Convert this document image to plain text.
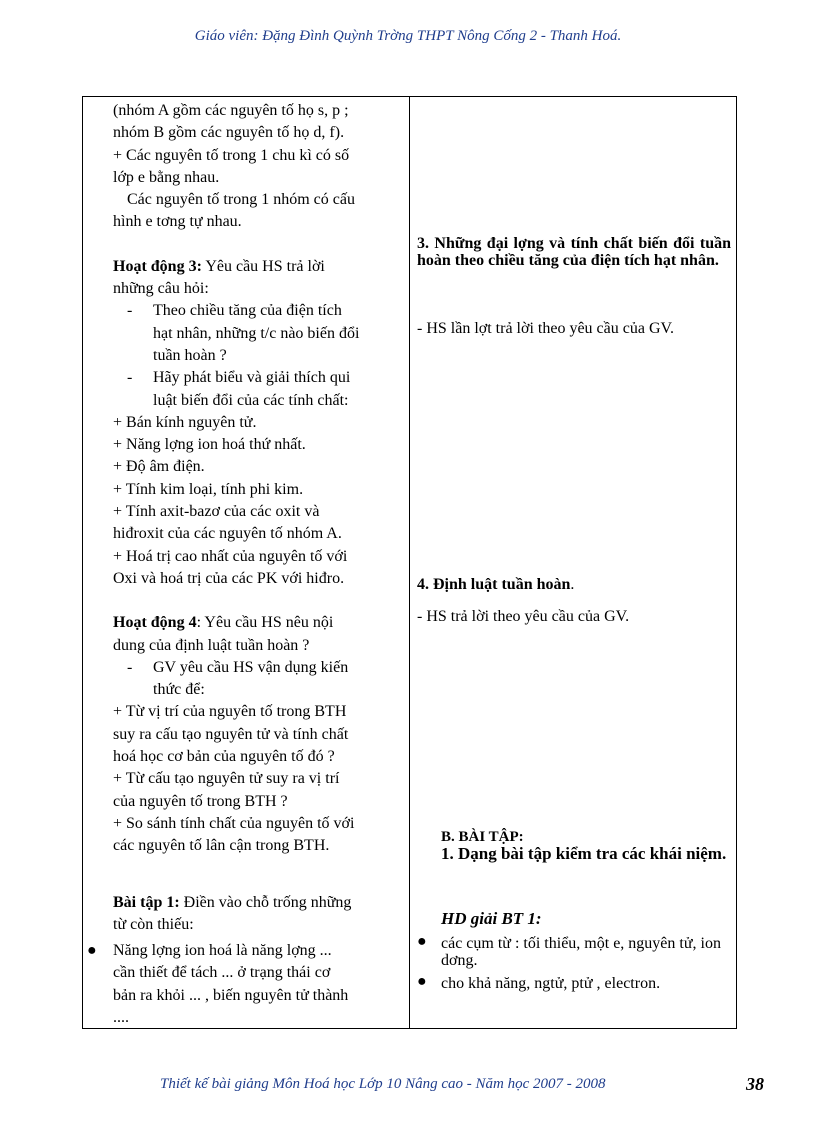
Giáo viên: Đặng Đình Quỳnh Trờng THPT Nông Cống 2 - Thanh Hoá.

(nhóm A gồm các nguyên tố họ s, p ;

nhóm B gồm các nguyên tố họ d, f).

+ Các nguyên tố trong 1 chu kì có số

lớp e bằng nhau.

Các nguyên tố trong 1 nhóm có cấu

hình e tơng tự nhau.

Hoạt động 3: Yêu cầu HS trả lời

những câu hỏi:

- Theo chiều tăng của điện tích

hạt nhân, những t/c nào biến đổi

tuần hoàn ?

- Hãy phát biểu và giải thích qui

luật biến đổi của các tính chất:

+ Bán kính nguyên tử.

+ Năng lợng ion hoá thứ nhất.

+ Độ âm điện.

+ Tính kim loại, tính phi kim.

+ Tính axit-bazơ của các oxit và

hiđroxit của các nguyên tố nhóm A.

+ Hoá trị cao nhất của nguyên tố với

Oxi và hoá trị của các PK với hiđro.

Hoạt động 4: Yêu cầu HS nêu nội

dung của định luật tuần hoàn ?

- GV yêu cầu HS vận dụng kiến

thức để:

+ Từ vị trí của nguyên tố trong BTH

suy ra cấu tạo nguyên tử và tính chất

hoá học cơ bản của nguyên tố đó ?

+ Từ cấu tạo nguyên tử suy ra vị trí

của nguyên tố trong BTH ?

+ So sánh tính chất của nguyên tố với

các nguyên tố lân cận trong BTH.

Bài tập 1: Điền vào chỗ trống những

từ còn thiếu:

● Năng lợng ion hoá là năng lợng ...

cần thiết để tách ... ở trạng thái cơ

bản ra khỏi ... , biến nguyên tử thành

....

3. Những đại lợng và tính chất biến đổi tuần hoàn theo chiều tăng của điện tích hạt nhân.
- HS lần lợt trả lời theo yêu cầu của GV.
4. Định luật tuần hoàn.
- HS trả lời theo yêu cầu của GV.
B. BÀI TẬP:
1. Dạng bài tập kiểm tra các khái niệm.
HD giải BT 1:
● các cụm từ : tối thiểu, một e, nguyên tử, ion dơng.
● cho khả năng, ngtử, ptử , electron.
Thiết kế bài giảng Môn Hoá học Lớp 10 Nâng cao - Năm học 2007 - 2008	38
